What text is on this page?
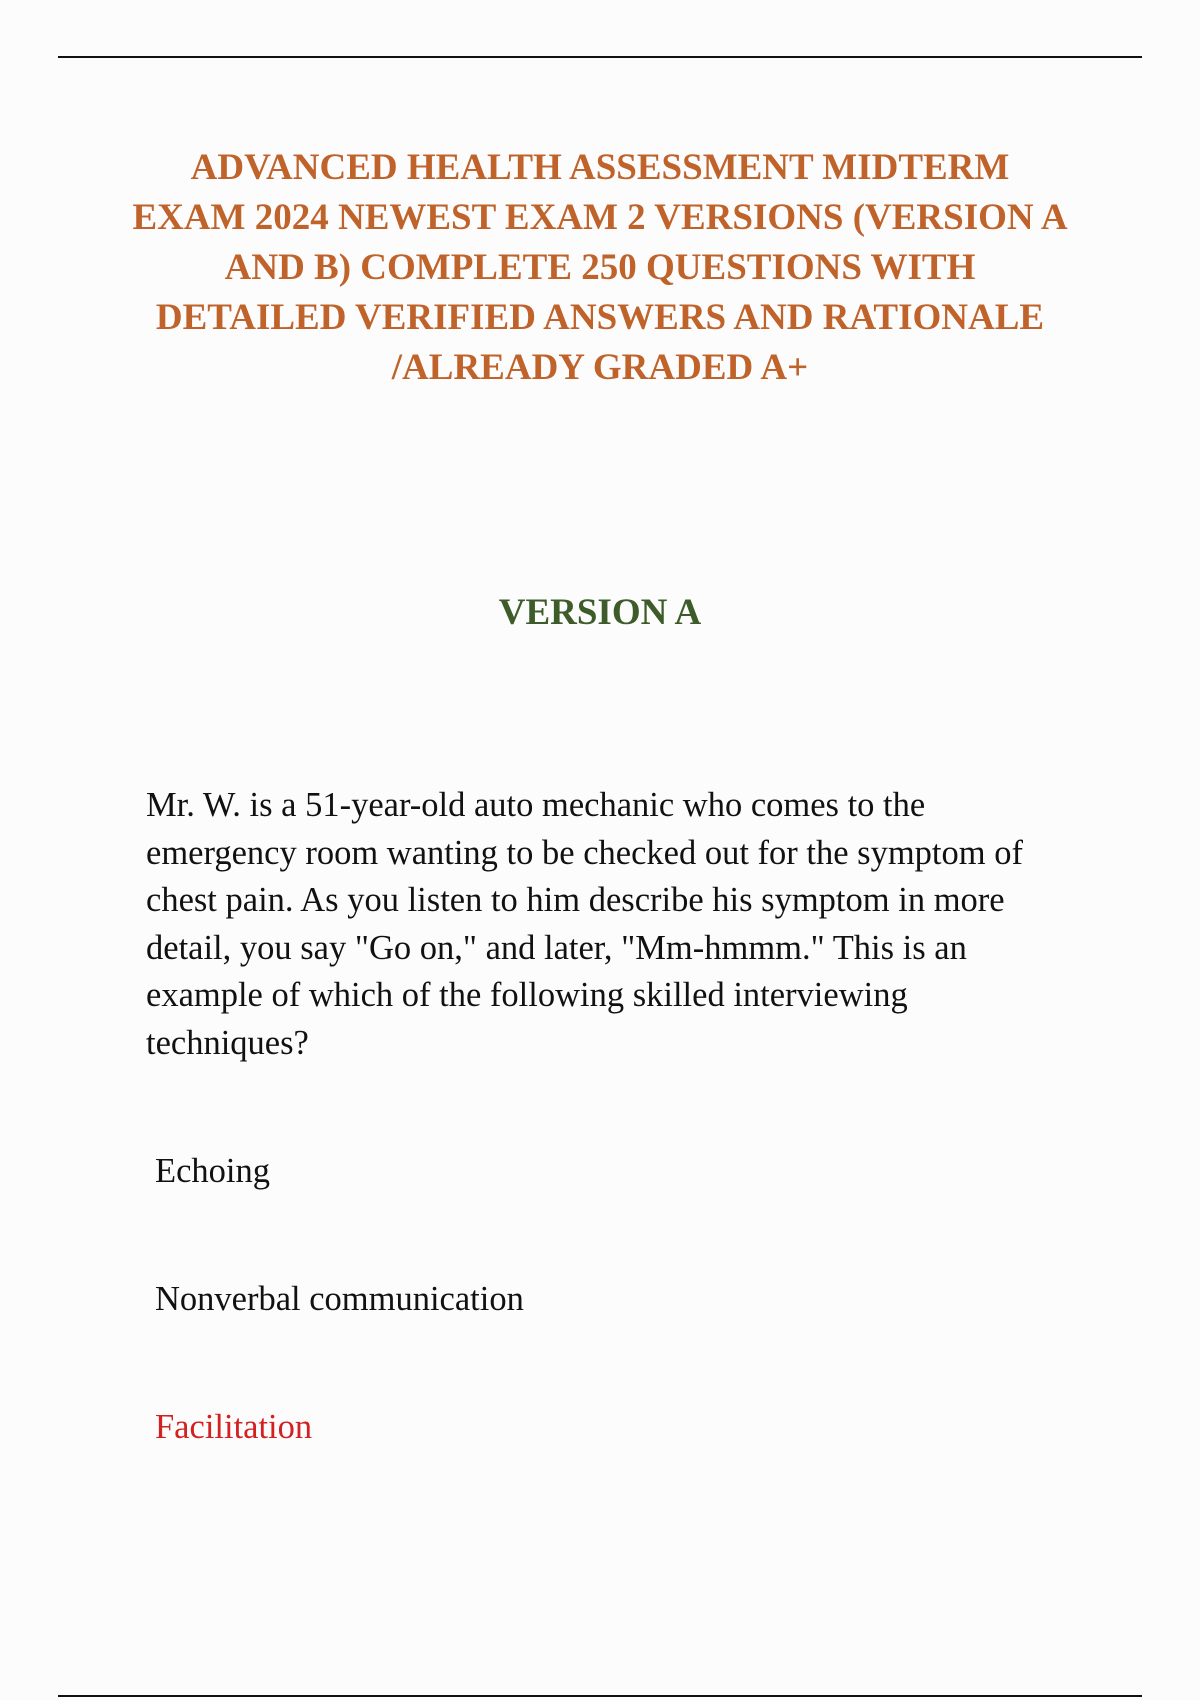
ADVANCED HEALTH ASSESSMENT MIDTERM EXAM 2024 NEWEST EXAM 2 VERSIONS (VERSION A AND B) COMPLETE 250 QUESTIONS WITH DETAILED VERIFIED ANSWERS AND RATIONALE /ALREADY GRADED A+
VERSION A
Mr. W. is a 51-year-old auto mechanic who comes to the emergency room wanting to be checked out for the symptom of chest pain. As you listen to him describe his symptom in more detail, you say "Go on," and later, "Mm-hmmm." This is an example of which of the following skilled interviewing techniques?
Echoing
Nonverbal communication
Facilitation
